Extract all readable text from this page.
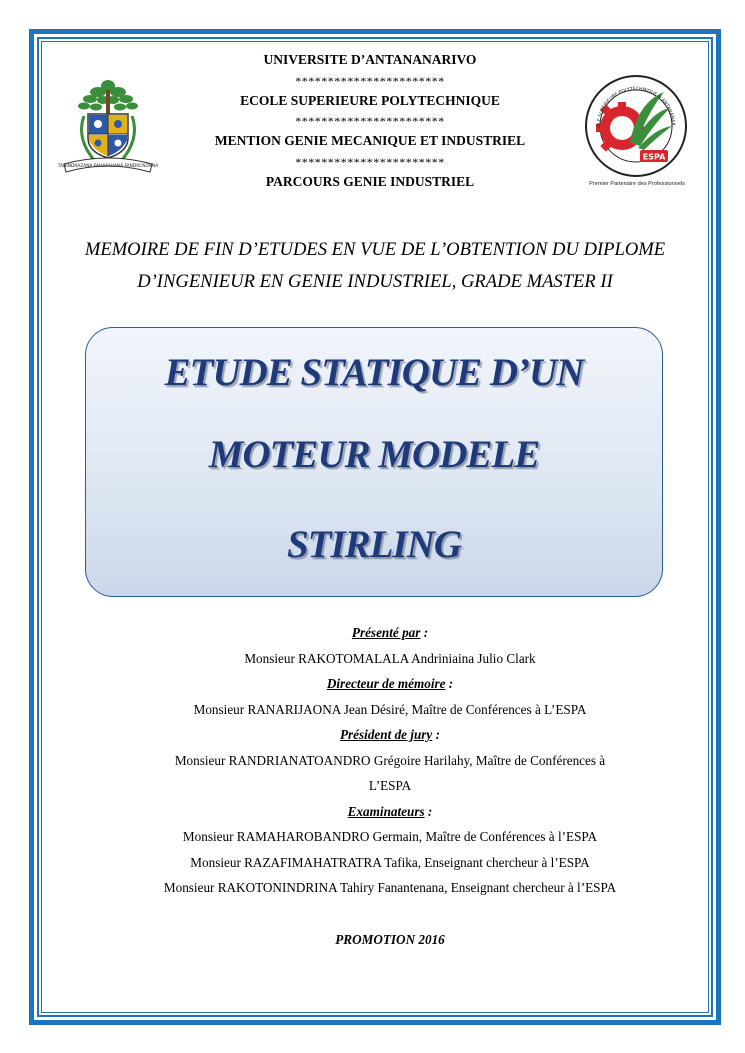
UNIVERSITE D’ANTANANARIVO
***********************
ECOLE SUPERIEURE POLYTECHNIQUE
***********************
MENTION GENIE MECANIQUE ET INDUSTRIEL
***********************
PARCOURS GENIE INDUSTRIEL
TANINDRAZANA FAHAFAHANA FANDROSOANA
ESPA
OLE SUPERIEURE POLYTECHNIQUE D’ANTANANAR
Premier Partenaire des Professionnels
MEMOIRE DE FIN D’ETUDES EN VUE DE L’OBTENTION DU DIPLOME
D’INGENIEUR EN GENIE INDUSTRIEL, GRADE MASTER II
ETUDE STATIQUE D’UN
MOTEUR MODELE
STIRLING
Présenté par :
Monsieur RAKOTOMALALA Andriniaina Julio Clark
Directeur de mémoire :
Monsieur RANARIJAONA Jean Désiré, Maître de Conférences à L’ESPA
Président de jury :
Monsieur RANDRIANATOANDRO Grégoire Harilahy, Maître de Conférences à
L’ESPA
Examinateurs :
Monsieur RAMAHAROBANDRO Germain, Maître de Conférences à l’ESPA
Monsieur RAZAFIMAHATRATRA Tafika, Enseignant chercheur à l’ESPA
Monsieur RAKOTONINDRINA Tahiry Fanantenana, Enseignant chercheur à l’ESPA
PROMOTION 2016
